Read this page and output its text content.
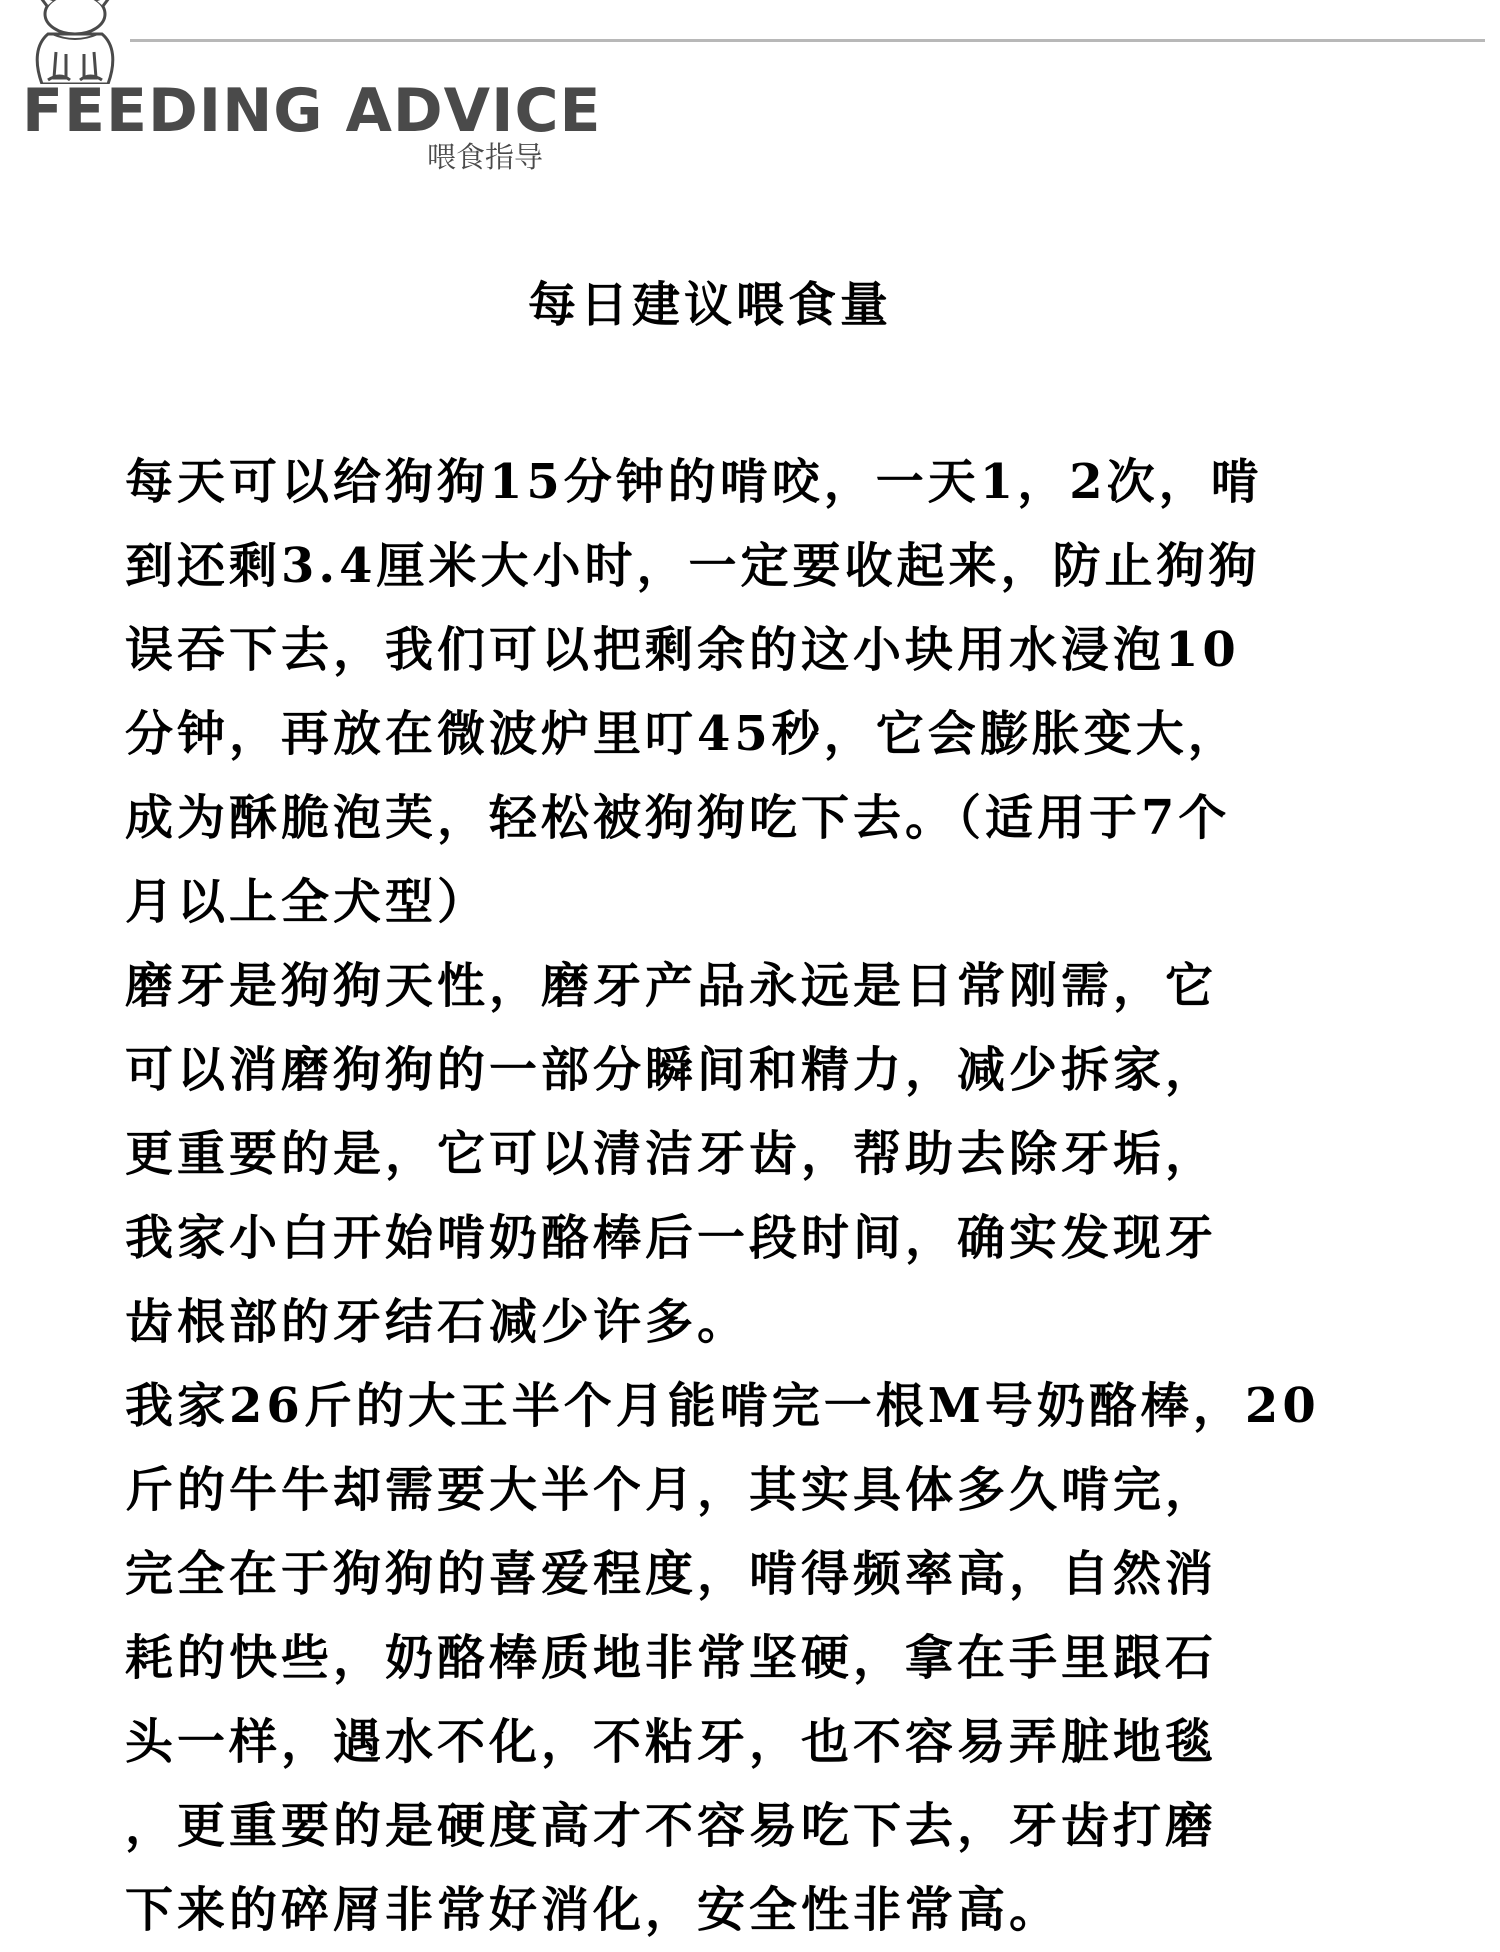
FEEDING ADVICE
喂食指导
每日建议喂食量
每天可以给狗狗15分钟的啃咬，一天1，2次，啃
到还剩3.4厘米大小时，一定要收起来，防止狗狗
误吞下去，我们可以把剩余的这小块用水浸泡10
分钟，再放在微波炉里叮45秒，它会膨胀变大，
成为酥脆泡芙，轻松被狗狗吃下去。（适用于7个
月以上全犬型）
磨牙是狗狗天性，磨牙产品永远是日常刚需，它
可以消磨狗狗的一部分瞬间和精力，减少拆家，
更重要的是，它可以清洁牙齿，帮助去除牙垢，
我家小白开始啃奶酪棒后一段时间，确实发现牙
齿根部的牙结石减少许多。
我家26斤的大王半个月能啃完一根M号奶酪棒，20
斤的牛牛却需要大半个月，其实具体多久啃完，
完全在于狗狗的喜爱程度，啃得频率高，自然消
耗的快些，奶酪棒质地非常坚硬，拿在手里跟石
头一样，遇水不化，不粘牙，也不容易弄脏地毯
，更重要的是硬度高才不容易吃下去，牙齿打磨
下来的碎屑非常好消化，安全性非常高。
